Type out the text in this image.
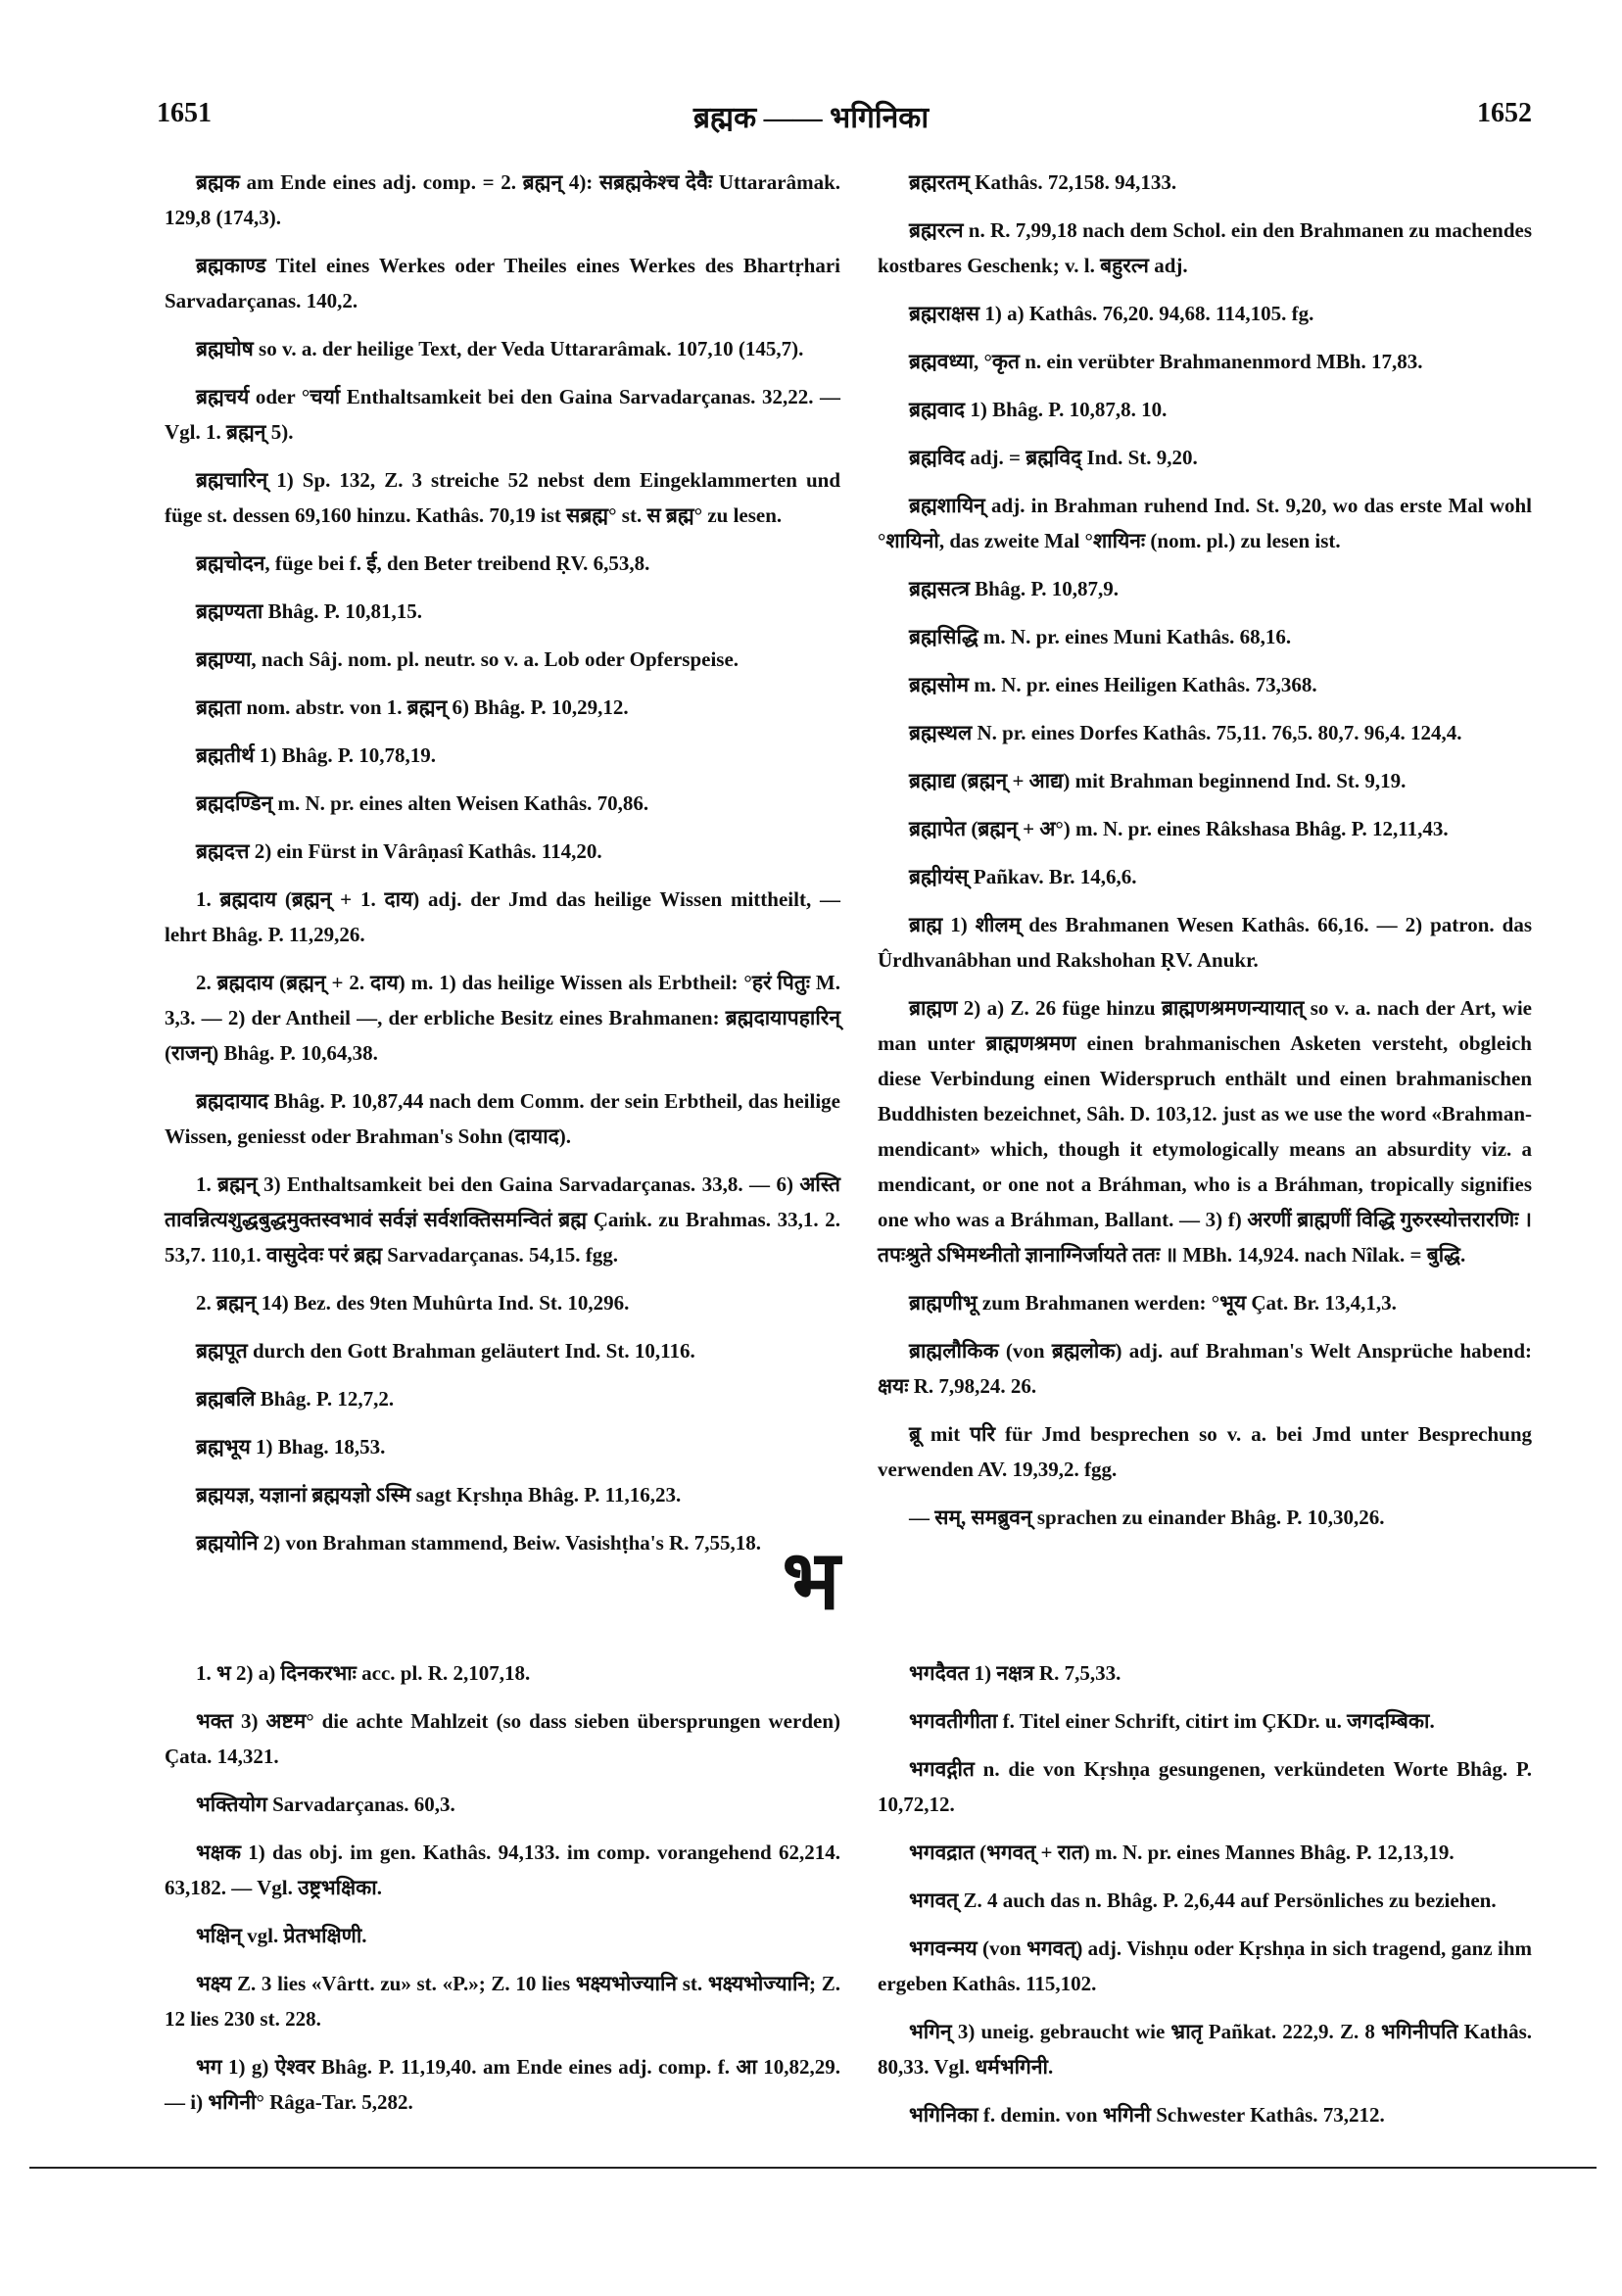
1651	ब्रह्मक —— भगिनिका	1652

ब्रह्मक am Ende eines adj. comp. = 2. ब्रह्मन् 4): सब्रह्मकेश्च देवैः Uttararâmak. 129,8 (174,3).

ब्रह्मकाण्ड Titel eines Werkes oder Theiles eines Werkes des Bhartṛhari Sarvadarçanas. 140,2.

ब्रह्मघोष so v. a. der heilige Text, der Veda Uttararâmak. 107,10 (145,7).

ब्रह्मचर्य oder °चर्या Enthaltsamkeit bei den Gaina Sarvadarçanas. 32,22. — Vgl. 1. ब्रह्मन् 5).

ब्रह्मचारिन् 1) Sp. 132, Z. 3 streiche 52 nebst dem Eingeklammerten und füge st. dessen 69,160 hinzu. Kathâs. 70,19 ist सब्रह्म° st. स ब्रह्म° zu lesen.

ब्रह्मचोदन, füge bei f. ई, den Beter treibend ṚV. 6,53,8.

ब्रह्मण्यता Bhâg. P. 10,81,15.

ब्रह्मण्या, nach Sâj. nom. pl. neutr. so v. a. Lob oder Opferspeise.

ब्रह्मता nom. abstr. von 1. ब्रह्मन् 6) Bhâg. P. 10,29,12.

ब्रह्मतीर्थ 1) Bhâg. P. 10,78,19.

ब्रह्मदण्डिन् m. N. pr. eines alten Weisen Kathâs. 70,86.

ब्रह्मदत्त 2) ein Fürst in Vârâṇasî Kathâs. 114,20.

1. ब्रह्मदाय (ब्रह्मन् + 1. दाय) adj. der Jmd das heilige Wissen mittheilt, — lehrt Bhâg. P. 11,29,26.

2. ब्रह्मदाय (ब्रह्मन् + 2. दाय) m. 1) das heilige Wissen als Erbtheil: °हरं पितुः M. 3,3. — 2) der Antheil —, der erbliche Besitz eines Brahmanen: ब्रह्मदायापहारिन् (राजन्) Bhâg. P. 10,64,38.

ब्रह्मदायाद Bhâg. P. 10,87,44 nach dem Comm. der sein Erbtheil, das heilige Wissen, geniesst oder Brahman's Sohn (दायाद).

1. ब्रह्मन् 3) Enthaltsamkeit bei den Gaina Sarvadarçanas. 33,8. — 6) अस्ति तावन्नित्यशुद्धबुद्धमुक्तस्वभावं सर्वज्ञं सर्वशक्तिसमन्वितं ब्रह्म Çaṁk. zu Brahmas. 33,1. 2. 53,7. 110,1. वासुदेवः परं ब्रह्म Sarvadarçanas. 54,15. fgg.

2. ब्रह्मन् 14) Bez. des 9ten Muhûrta Ind. St. 10,296.

ब्रह्मपूत durch den Gott Brahman geläutert Ind. St. 10,116.

ब्रह्मबलि Bhâg. P. 12,7,2.

ब्रह्मभूय 1) Bhag. 18,53.

ब्रह्मयज्ञ, यज्ञानां ब्रह्मयज्ञो ऽस्मि sagt Kṛshṇa Bhâg. P. 11,16,23.

ब्रह्मयोनि 2) von Brahman stammend, Beiw. Vasishṭha's R. 7,55,18.

ब्रह्मरतम् Kathâs. 72,158. 94,133.

ब्रह्मरत्न n. R. 7,99,18 nach dem Schol. ein den Brahmanen zu machendes kostbares Geschenk; v. l. बहुरत्न adj.

ब्रह्मराक्षस 1) a) Kathâs. 76,20. 94,68. 114,105. fg.

ब्रह्मवध्या, °कृत n. ein verübter Brahmanenmord MBh. 17,83.

ब्रह्मवाद 1) Bhâg. P. 10,87,8. 10.

ब्रह्मविद adj. = ब्रह्मविद् Ind. St. 9,20.

ब्रह्मशायिन् adj. in Brahman ruhend Ind. St. 9,20, wo das erste Mal wohl °शायिनो, das zweite Mal °शायिनः (nom. pl.) zu lesen ist.

ब्रह्मसत्त्र Bhâg. P. 10,87,9.

ब्रह्मसिद्धि m. N. pr. eines Muni Kathâs. 68,16.

ब्रह्मसोम m. N. pr. eines Heiligen Kathâs. 73,368.

ब्रह्मस्थल N. pr. eines Dorfes Kathâs. 75,11. 76,5. 80,7. 96,4. 124,4.

ब्रह्माद्य (ब्रह्मन् + आद्य) mit Brahman beginnend Ind. St. 9,19.

ब्रह्मापेत (ब्रह्मन् + अ°) m. N. pr. eines Râkshasa Bhâg. P. 12,11,43.

ब्रह्मीयंस् Pañkav. Br. 14,6,6.

ब्राह्म 1) शीलम् des Brahmanen Wesen Kathâs. 66,16. — 2) patron. das Ûrdhvanâbhan und Rakshohan ṚV. Anukr.

ब्राह्मण 2) a) Z. 26 füge hinzu ब्राह्मणश्रमणन्यायात् so v. a. nach der Art, wie man unter ब्राह्मणश्रमण einen brahmanischen Asketen versteht, obgleich diese Verbindung einen Widerspruch enthält und einen brahmanischen Buddhisten bezeichnet, Sâh. D. 103,12. just as we use the word «Brahman-mendicant» which, though it etymologically means an absurdity viz. a mendicant, or one not a Bráhman, who is a Bráhman, tropically signifies one who was a Bráhman, Ballant. — 3) f) अरणीं ब्राह्मणीं विद्धि गुरुरस्योत्तरारणिः । तपःश्रुते ऽभिमथ्नीतो ज्ञानाग्निर्जायते ततः ॥ MBh. 14,924. nach Nîlak. = बुद्धि.

ब्राह्मणीभू zum Brahmanen werden: °भूय Çat. Br. 13,4,1,3.

ब्राह्मलौकिक (von ब्रह्मलोक) adj. auf Brahman's Welt Ansprüche habend: क्षयः R. 7,98,24. 26.

ब्रू mit परि für Jmd besprechen so v. a. bei Jmd unter Besprechung verwenden AV. 19,39,2. fgg.

— सम्, समब्रुवन् sprachen zu einander Bhâg. P. 10,30,26.

भ

1. भ 2) a) दिनकरभाः acc. pl. R. 2,107,18.

भक्त 3) अष्टम° die achte Mahlzeit (so dass sieben übersprungen werden) Çata. 14,321.

भक्तियोग Sarvadarçanas. 60,3.

भक्षक 1) das obj. im gen. Kathâs. 94,133. im comp. vorangehend 62,214. 63,182. — Vgl. उष्ट्रभक्षिका.

भक्षिन् vgl. प्रेतभक्षिणी.

भक्ष्य Z. 3 lies «Vârtt. zu» st. «P.»; Z. 10 lies भक्ष्यभोज्यानि st. भक्ष्यभोज्यानि; Z. 12 lies 230 st. 228.

भग 1) g) ऐश्वर Bhâg. P. 11,19,40. am Ende eines adj. comp. f. आ 10,82,29. — i) भगिनी° Râga-Tar. 5,282.

भगदैवत 1) नक्षत्र R. 7,5,33.

भगवतीगीता f. Titel einer Schrift, citirt im ÇKDr. u. जगदम्बिका.

भगवद्गीत n. die von Kṛshṇa gesungenen, verkündeten Worte Bhâg. P. 10,72,12.

भगवद्रात (भगवत् + रात) m. N. pr. eines Mannes Bhâg. P. 12,13,19.

भगवत् Z. 4 auch das n. Bhâg. P. 2,6,44 auf Persönliches zu beziehen.

भगवन्मय (von भगवत्) adj. Vishṇu oder Kṛshṇa in sich tragend, ganz ihm ergeben Kathâs. 115,102.

भगिन् 3) uneig. gebraucht wie भ्रातृ Pañkat. 222,9. Z. 8 भगिनीपति Kathâs. 80,33. Vgl. धर्मभगिनी.

भगिनिका f. demin. von भगिनी Schwester Kathâs. 73,212.
